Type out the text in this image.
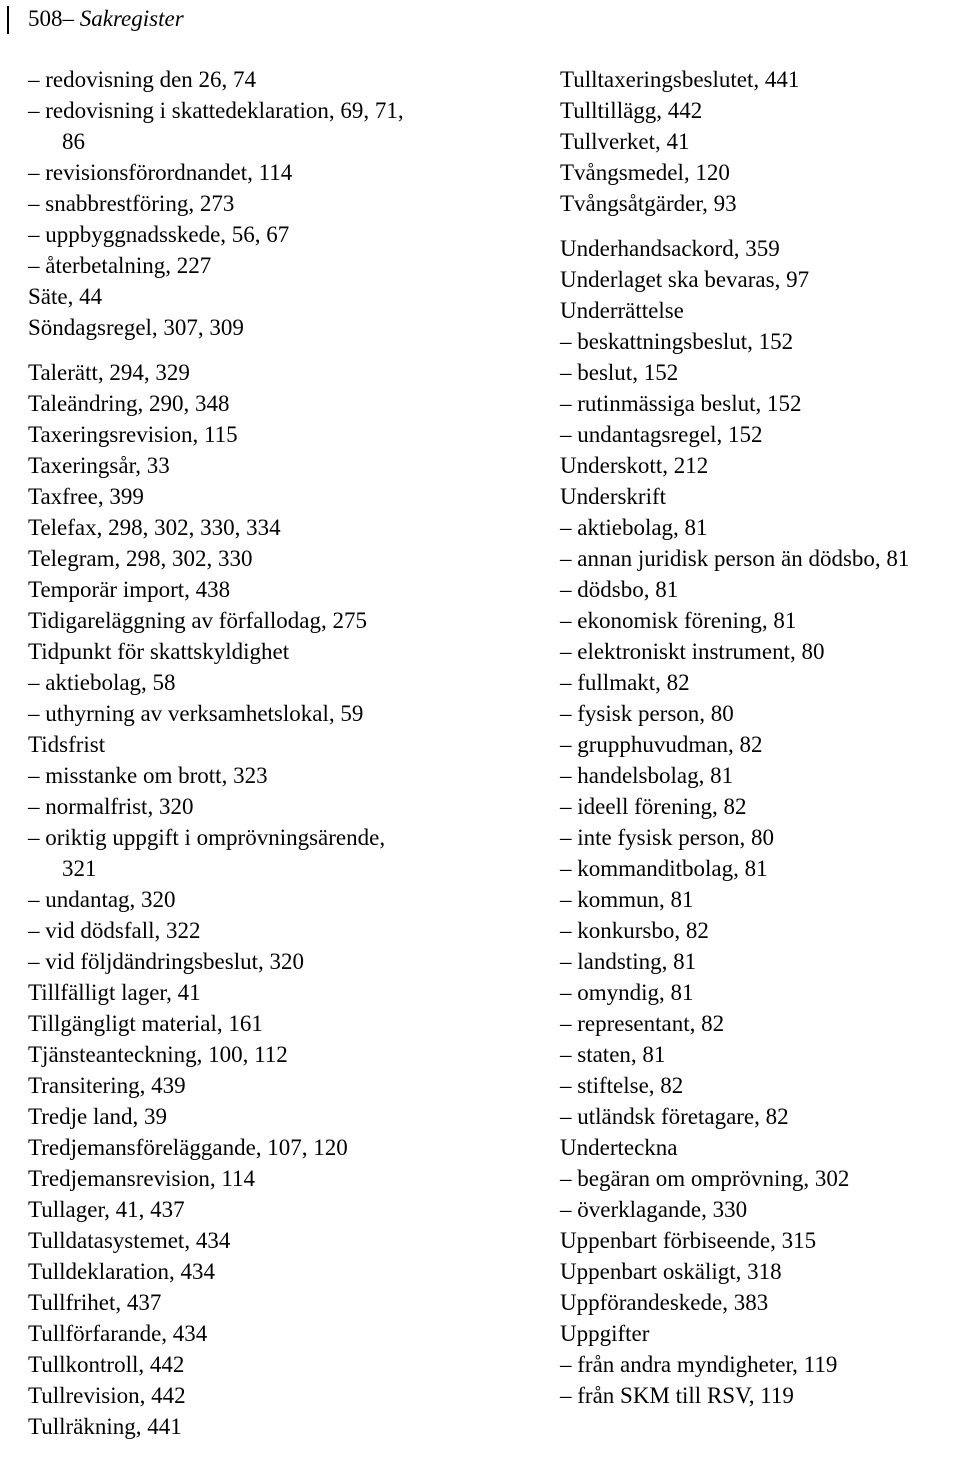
508– Sakregister
– redovisning den 26, 74
– redovisning i skattedeklaration, 69, 71,
86
– revisionsförordnandet, 114
– snabbrestföring, 273
– uppbyggnadsskede, 56, 67
– återbetalning, 227
Säte, 44
Söndagsregel, 307, 309
Talerätt, 294, 329
Taleändring, 290, 348
Taxeringsrevision, 115
Taxeringsår, 33
Taxfree, 399
Telefax, 298, 302, 330, 334
Telegram, 298, 302, 330
Temporär import, 438
Tidigareläggning av förfallodag, 275
Tidpunkt för skattskyldighet
– aktiebolag, 58
– uthyrning av verksamhetslokal, 59
Tidsfrist
– misstanke om brott, 323
– normalfrist, 320
– oriktig uppgift i omprövningsärende,
321
– undantag, 320
– vid dödsfall, 322
– vid följdändringsbeslut, 320
Tillfälligt lager, 41
Tillgängligt material, 161
Tjänsteanteckning, 100, 112
Transitering, 439
Tredje land, 39
Tredjemansföreläggande, 107, 120
Tredjemansrevision, 114
Tullager, 41, 437
Tulldatasystemet, 434
Tulldeklaration, 434
Tullfrihet, 437
Tullförfarande, 434
Tullkontroll, 442
Tullrevision, 442
Tullräkning, 441
Tulltaxeringsbeslutet, 441
Tulltillägg, 442
Tullverket, 41
Tvångsmedel, 120
Tvångsåtgärder, 93
Underhandsackord, 359
Underlaget ska bevaras, 97
Underrättelse
– beskattningsbeslut, 152
– beslut, 152
– rutinmässiga beslut, 152
– undantagsregel, 152
Underskott, 212
Underskrift
– aktiebolag, 81
– annan juridisk person än dödsbo, 81
– dödsbo, 81
– ekonomisk förening, 81
– elektroniskt instrument, 80
– fullmakt, 82
– fysisk person, 80
– grupphuvudman, 82
– handelsbolag, 81
– ideell förening, 82
– inte fysisk person, 80
– kommanditbolag, 81
– kommun, 81
– konkursbo, 82
– landsting, 81
– omyndig, 81
– representant, 82
– staten, 81
– stiftelse, 82
– utländsk företagare, 82
Underteckna
– begäran om omprövning, 302
– överklagande, 330
Uppenbart förbiseende, 315
Uppenbart oskäligt, 318
Uppförandeskede, 383
Uppgifter
– från andra myndigheter, 119
– från SKM till RSV, 119
